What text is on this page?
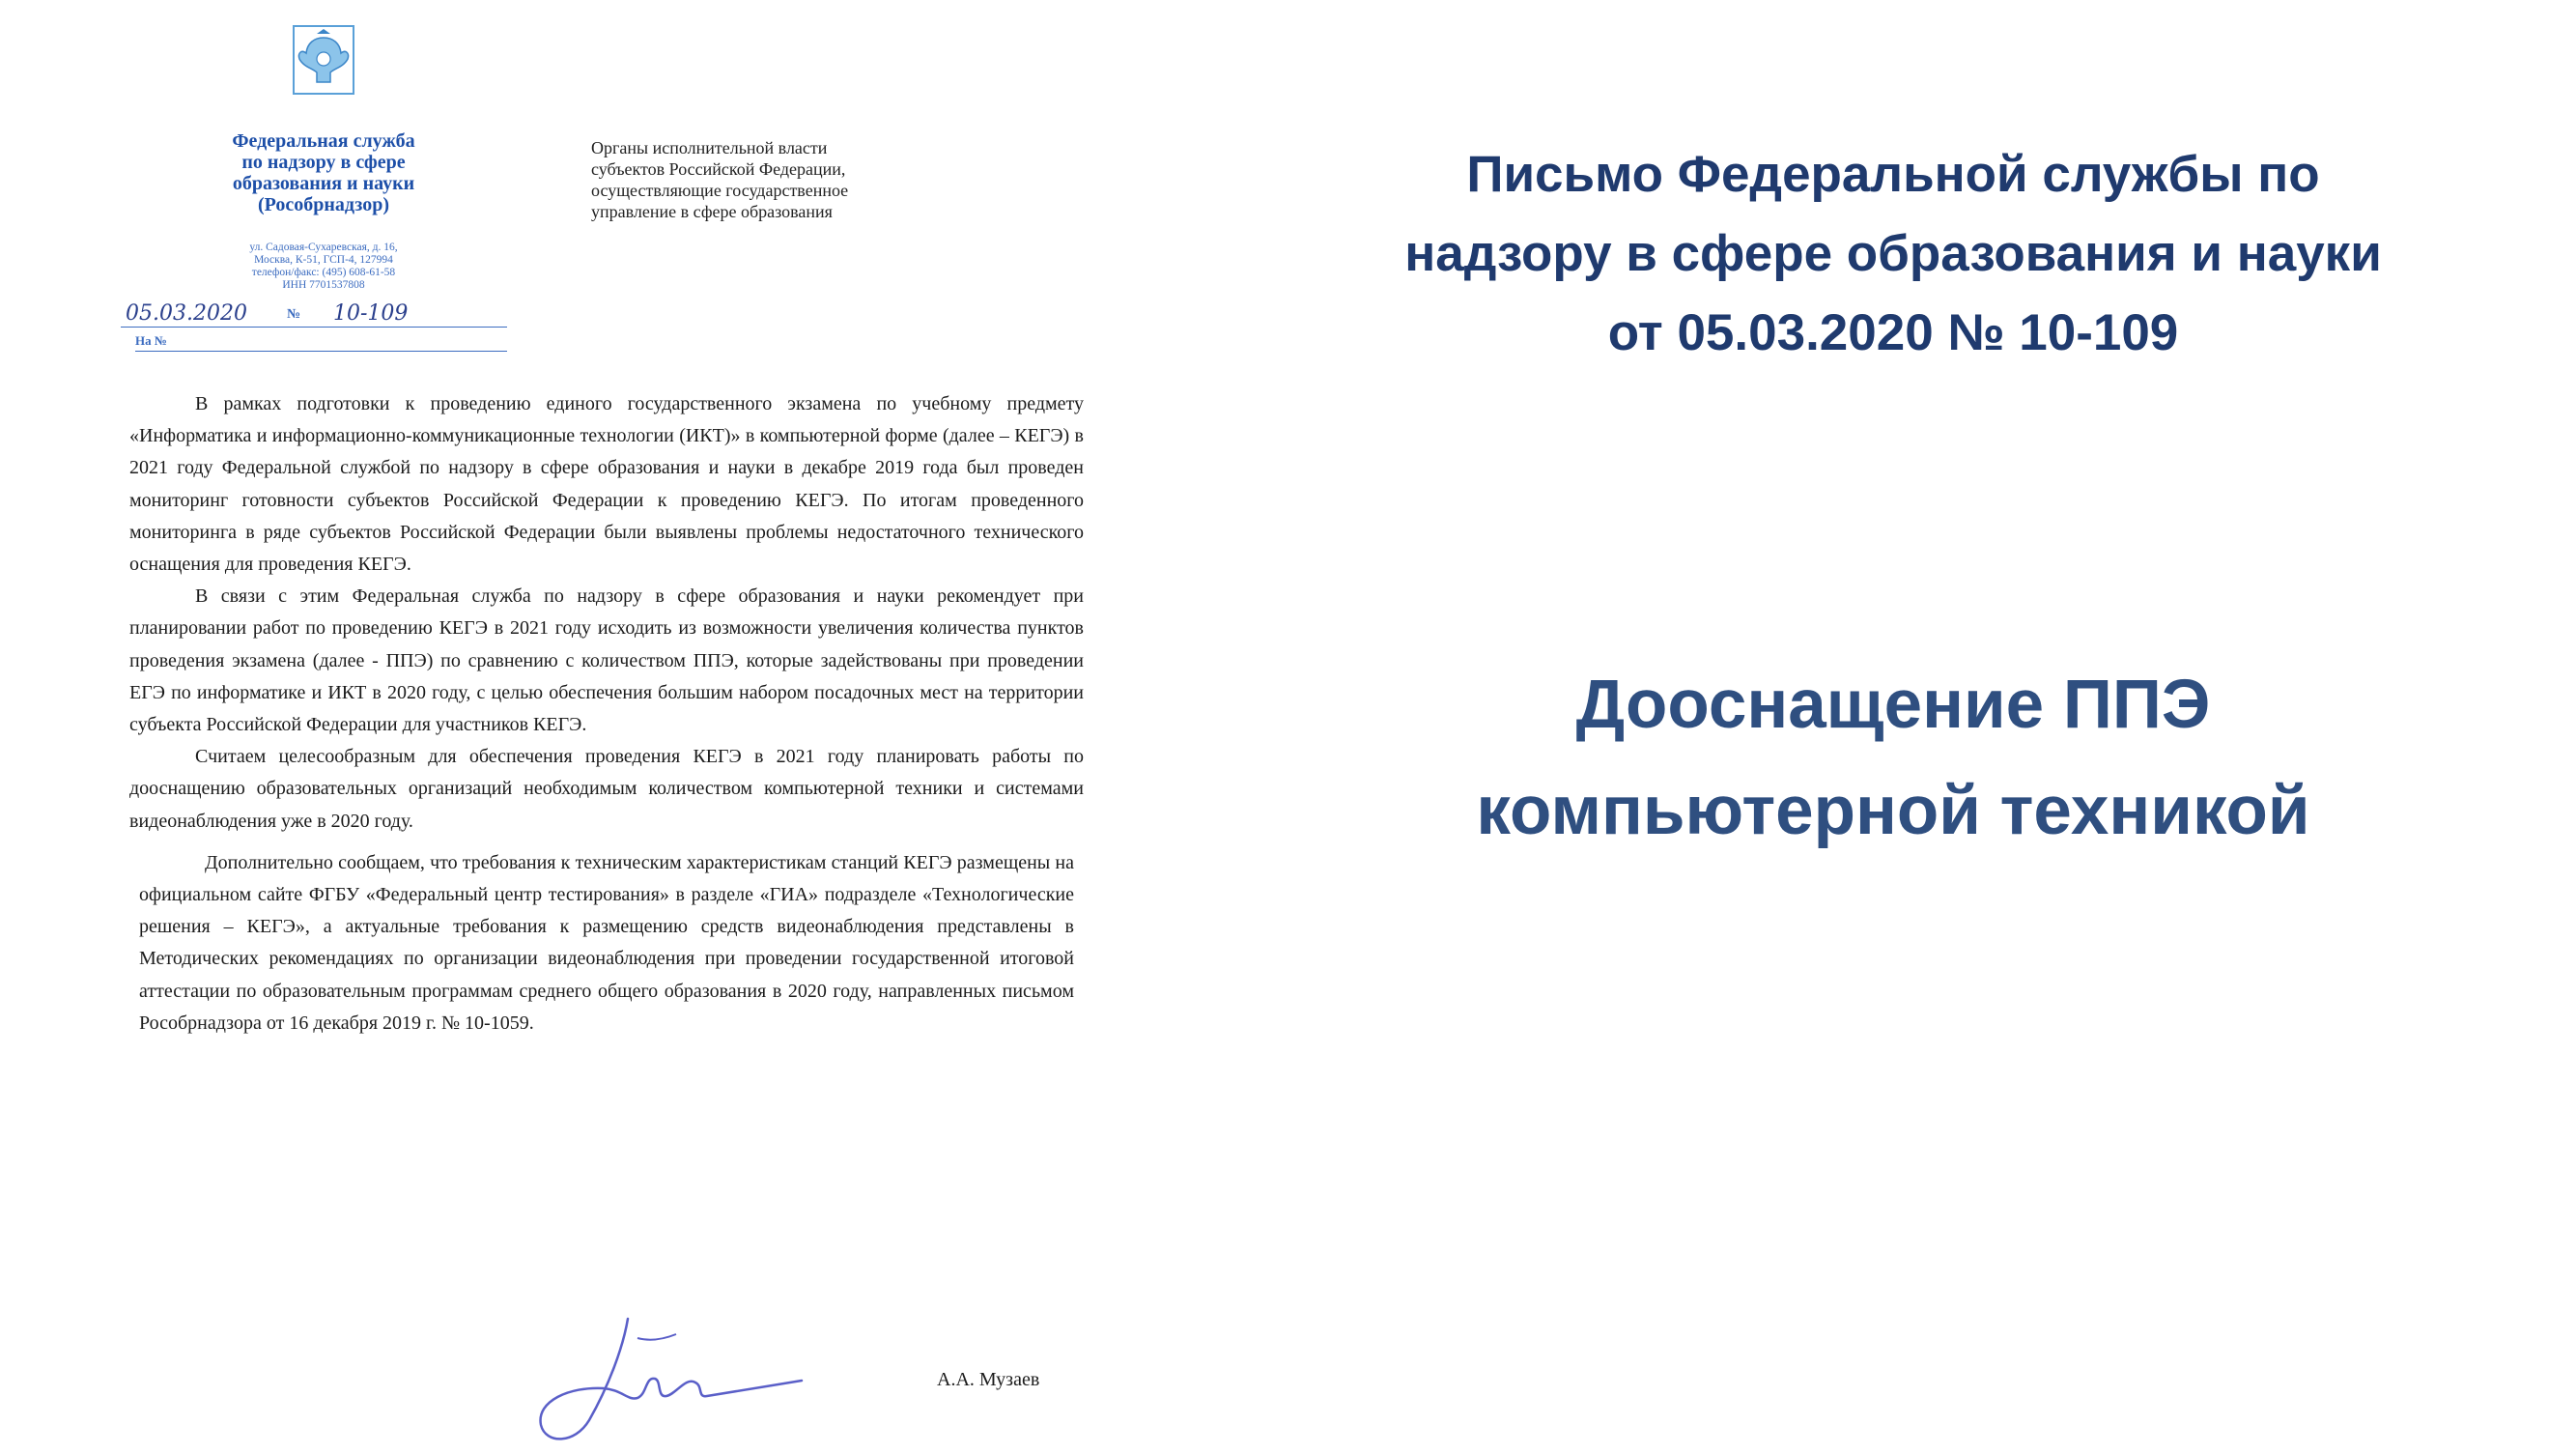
Федеральная служба
по надзору в сфере
образования и науки
(Рособрнадзор)
ул. Садовая-Сухаревская, д. 16,
Москва, К-51, ГСП-4, 127994
телефон/факс: (495) 608-61-58
ИНН 7701537808
05.03.2020	№ 10-109
На №
Органы исполнительной власти
субъектов Российской Федерации,
осуществляющие государственное
управление в сфере образования

В рамках подготовки к проведению единого государственного экзамена по учебному предмету «Информатика и информационно-коммуникационные технологии (ИКТ)» в компьютерной форме (далее – КЕГЭ) в 2021 году Федеральной службой по надзору в сфере образования и науки в декабре 2019 года был проведен мониторинг готовности субъектов Российской Федерации к проведению КЕГЭ. По итогам проведенного мониторинга в ряде субъектов Российской Федерации были выявлены проблемы недостаточного технического оснащения для проведения КЕГЭ.

В связи с этим Федеральная служба по надзору в сфере образования и науки рекомендует при планировании работ по проведению КЕГЭ в 2021 году исходить из возможности увеличения количества пунктов проведения экзамена (далее - ППЭ) по сравнению с количеством ППЭ, которые задействованы при проведении ЕГЭ по информатике и ИКТ в 2020 году, с целью обеспечения большим набором посадочных мест на территории субъекта Российской Федерации для участников КЕГЭ.

Считаем целесообразным для обеспечения проведения КЕГЭ в 2021 году планировать работы по дооснащению образовательных организаций необходимым количеством компьютерной техники и системами видеонаблюдения уже в 2020 году.

Дополнительно сообщаем, что требования к техническим характеристикам станций КЕГЭ размещены на официальном сайте ФГБУ «Федеральный центр тестирования» в разделе «ГИА» подразделе «Технологические решения – КЕГЭ», а актуальные требования к размещению средств видеонаблюдения представлены в Методических рекомендациях по организации видеонаблюдения при проведении государственной итоговой аттестации по образовательным программам среднего общего образования в 2020 году, направленных письмом Рособрнадзора от 16 декабря 2019 г. № 10-1059.

А.А. Музаев
Письмо Федеральной службы по
надзору в сфере образования и науки
от 05.03.2020 № 10-109
Дооснащение ППЭ
компьютерной техникой
